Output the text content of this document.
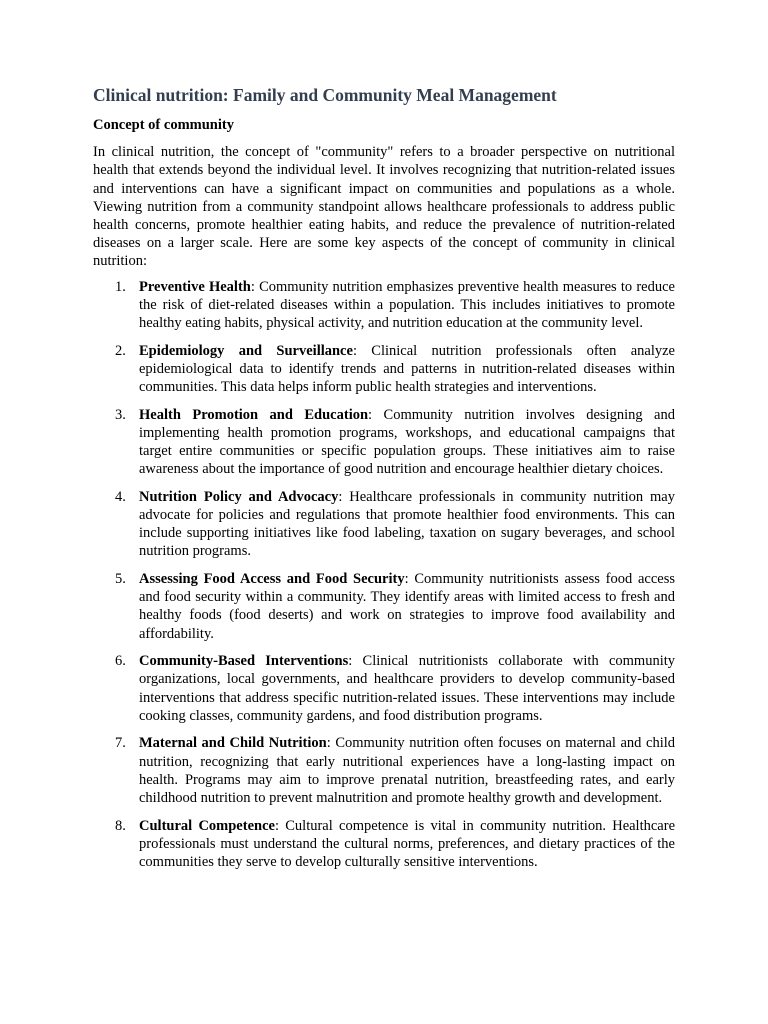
Clinical nutrition: Family and Community Meal Management
Concept of community

In clinical nutrition, the concept of "community" refers to a broader perspective on nutritional health that extends beyond the individual level. It involves recognizing that nutrition-related issues and interventions can have a significant impact on communities and populations as a whole. Viewing nutrition from a community standpoint allows healthcare professionals to address public health concerns, promote healthier eating habits, and reduce the prevalence of nutrition-related diseases on a larger scale. Here are some key aspects of the concept of community in clinical nutrition:

1. Preventive Health: Community nutrition emphasizes preventive health measures to reduce the risk of diet-related diseases within a population. This includes initiatives to promote healthy eating habits, physical activity, and nutrition education at the community level.
2. Epidemiology and Surveillance: Clinical nutrition professionals often analyze epidemiological data to identify trends and patterns in nutrition-related diseases within communities. This data helps inform public health strategies and interventions.
3. Health Promotion and Education: Community nutrition involves designing and implementing health promotion programs, workshops, and educational campaigns that target entire communities or specific population groups. These initiatives aim to raise awareness about the importance of good nutrition and encourage healthier dietary choices.
4. Nutrition Policy and Advocacy: Healthcare professionals in community nutrition may advocate for policies and regulations that promote healthier food environments. This can include supporting initiatives like food labeling, taxation on sugary beverages, and school nutrition programs.
5. Assessing Food Access and Food Security: Community nutritionists assess food access and food security within a community. They identify areas with limited access to fresh and healthy foods (food deserts) and work on strategies to improve food availability and affordability.
6. Community-Based Interventions: Clinical nutritionists collaborate with community organizations, local governments, and healthcare providers to develop community-based interventions that address specific nutrition-related issues. These interventions may include cooking classes, community gardens, and food distribution programs.
7. Maternal and Child Nutrition: Community nutrition often focuses on maternal and child nutrition, recognizing that early nutritional experiences have a long-lasting impact on health. Programs may aim to improve prenatal nutrition, breastfeeding rates, and early childhood nutrition to prevent malnutrition and promote healthy growth and development.
8. Cultural Competence: Cultural competence is vital in community nutrition. Healthcare professionals must understand the cultural norms, preferences, and dietary practices of the communities they serve to develop culturally sensitive interventions.
